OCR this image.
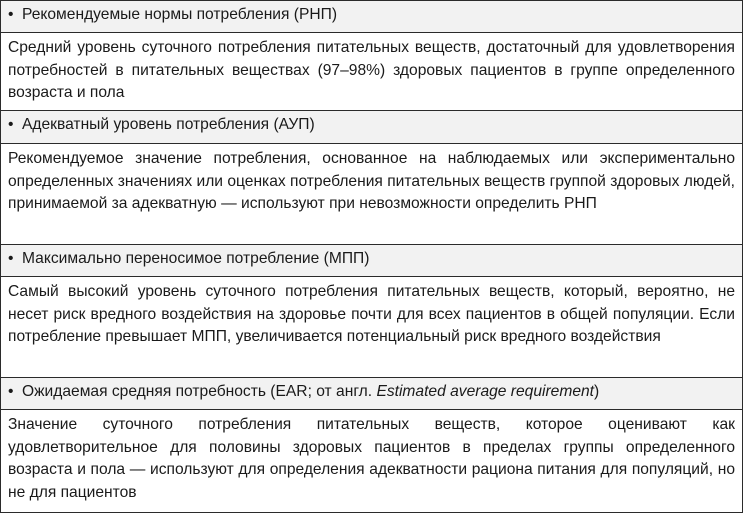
• Рекомендуемые нормы потребления (РНП)
Средний уровень суточного потребления питательных веществ, достаточный для удовлетворения потребностей в питательных веществах (97–98%) здоровых пациентов в группе определенного возраста и пола
• Адекватный уровень потребления (АУП)
Рекомендуемое значение потребления, основанное на наблюдаемых или экспериментально определенных значениях или оценках потребления питательных веществ группой здоровых людей, принимаемой за адекватную — используют при невозможности определить РНП
• Максимально переносимое потребление (МПП)
Самый высокий уровень суточного потребления питательных веществ, который, вероятно, не несет риск вредного воздействия на здоровье почти для всех пациентов в общей популяции. Если потребление превышает МПП, увеличивается потенциальный риск вредного воздействия
• Ожидаемая средняя потребность (EAR; от англ. Estimated average requirement)
Значение суточного потребления питательных веществ, которое оценивают как удовлетворительное для половины здоровых пациентов в пределах группы определенного возраста и пола — используют для определения адекватности рациона питания для популяций, но не для пациентов
